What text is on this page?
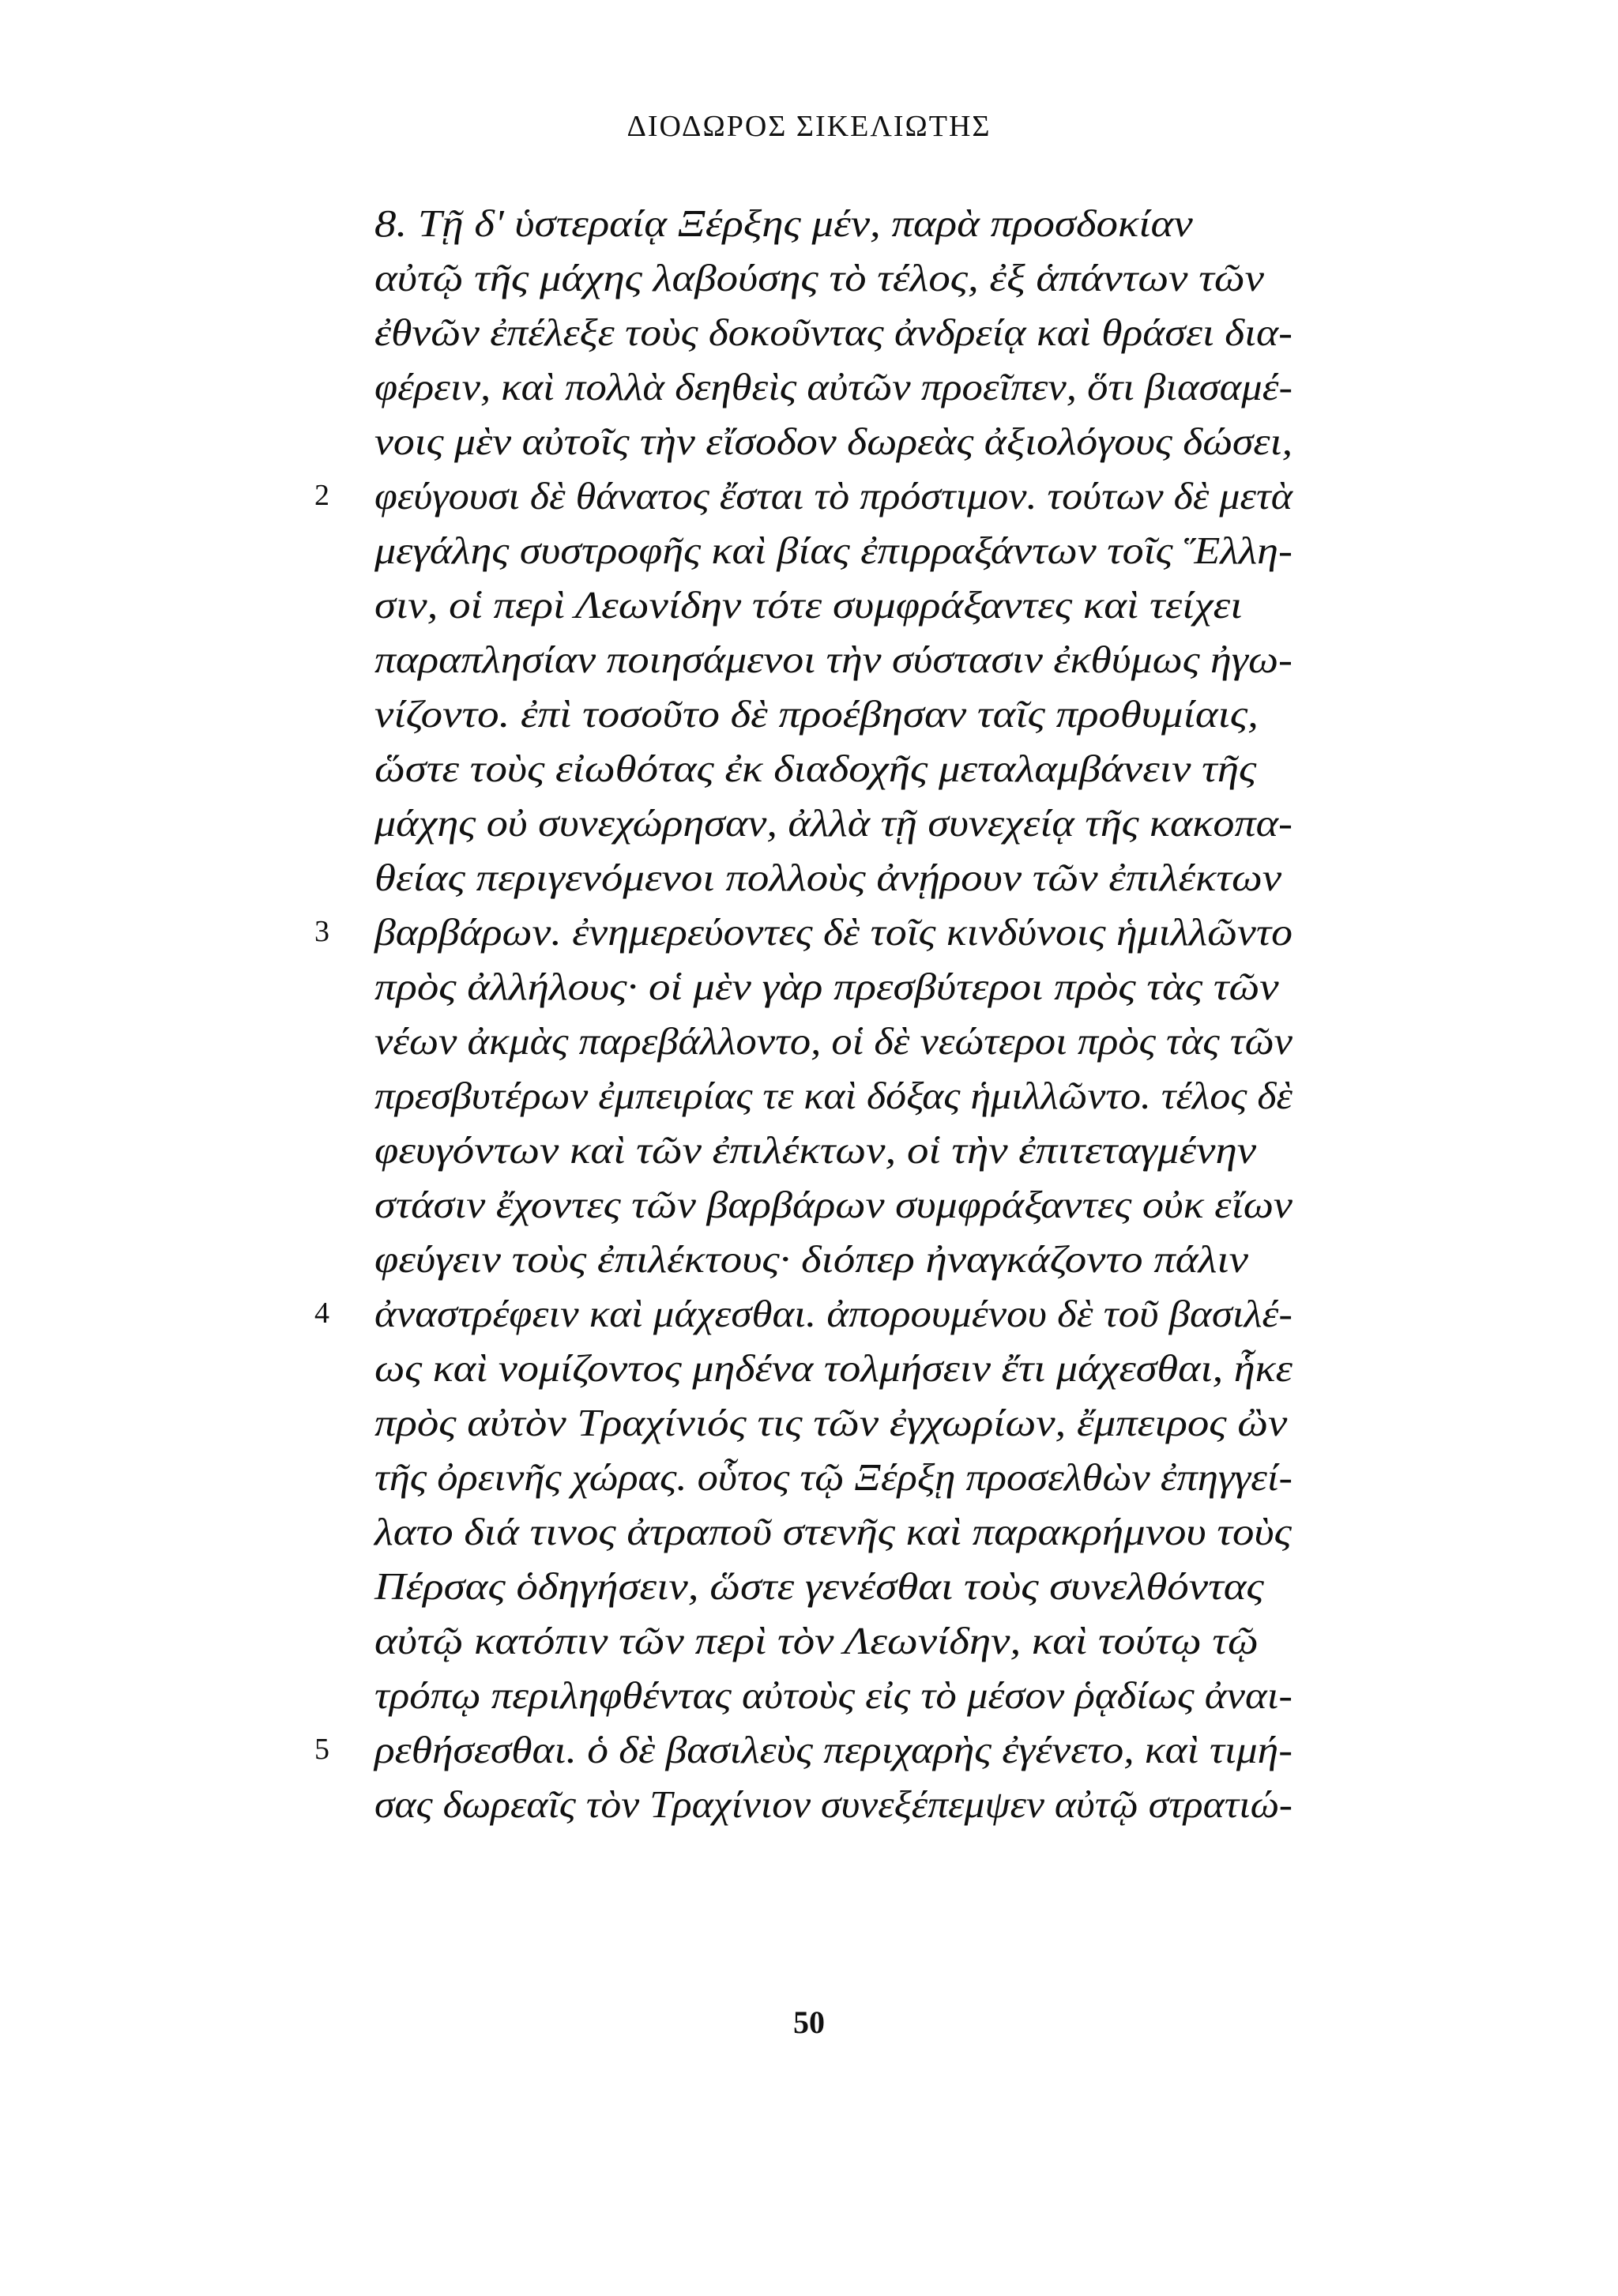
ΔΙΟΔΩΡΟΣ ΣΙΚΕΛΙΩΤΗΣ
8. Τῇ δ' ὑστεραίᾳ Ξέρξης μέν, παρὰ προσδοκίαν
αὐτῷ τῆς μάχης λαβούσης τὸ τέλος, ἐξ ἁπάντων τῶν
ἐθνῶν ἐπέλεξε τοὺς δοκοῦντας ἀνδρείᾳ καὶ θράσει δια-
φέρειν, καὶ πολλὰ δεηθεὶς αὐτῶν προεῖπεν, ὅτι βιασαμέ-
νοις μὲν αὐτοῖς τὴν εἴσοδον δωρεὰς ἀξιολόγους δώσει,
2	φεύγουσι δὲ θάνατος ἔσται τὸ πρόστιμον. τούτων δὲ μετὰ
μεγάλης συστροφῆς καὶ βίας ἐπιρραξάντων τοῖς Ἕλλη-
σιν, οἱ περὶ Λεωνίδην τότε συμφράξαντες καὶ τείχει
παραπλησίαν ποιησάμενοι τὴν σύστασιν ἐκθύμως ἠγω-
νίζοντο. ἐπὶ τοσοῦτο δὲ προέβησαν ταῖς προθυμίαις,
ὥστε τοὺς εἰωθότας ἐκ διαδοχῆς μεταλαμβάνειν τῆς
μάχης οὐ συνεχώρησαν, ἀλλὰ τῇ συνεχείᾳ τῆς κακοπα-
θείας περιγενόμενοι πολλοὺς ἀνῄρουν τῶν ἐπιλέκτων
3	βαρβάρων. ἐνημερεύοντες δὲ τοῖς κινδύνοις ἡμιλλῶντο
πρὸς ἀλλήλους· οἱ μὲν γὰρ πρεσβύτεροι πρὸς τὰς τῶν
νέων ἀκμὰς παρεβάλλοντο, οἱ δὲ νεώτεροι πρὸς τὰς τῶν
πρεσβυτέρων ἐμπειρίας τε καὶ δόξας ἡμιλλῶντο. τέλος δὲ
φευγόντων καὶ τῶν ἐπιλέκτων, οἱ τὴν ἐπιτεταγμένην
στάσιν ἔχοντες τῶν βαρβάρων συμφράξαντες οὐκ εἴων
φεύγειν τοὺς ἐπιλέκτους· διόπερ ἠναγκάζοντο πάλιν
4	ἀναστρέφειν καὶ μάχεσθαι. ἀπορουμένου δὲ τοῦ βασιλέ-
ως καὶ νομίζοντος μηδένα τολμήσειν ἔτι μάχεσθαι, ἧκε
πρὸς αὐτὸν Τραχίνιός τις τῶν ἐγχωρίων, ἔμπειρος ὢν
τῆς ὀρεινῆς χώρας. οὗτος τῷ Ξέρξῃ προσελθὼν ἐπηγγεί-
λατο διά τινος ἀτραποῦ στενῆς καὶ παρακρήμνου τοὺς
Πέρσας ὁδηγήσειν, ὥστε γενέσθαι τοὺς συνελθόντας
αὐτῷ κατόπιν τῶν περὶ τὸν Λεωνίδην, καὶ τούτῳ τῷ
τρόπῳ περιληφθέντας αὐτοὺς εἰς τὸ μέσον ῥᾳδίως ἀναι-
5	ρεθήσεσθαι. ὁ δὲ βασιλεὺς περιχαρὴς ἐγένετο, καὶ τιμή-
σας δωρεαῖς τὸν Τραχίνιον συνεξέπεμψεν αὐτῷ στρατιώ-
50
